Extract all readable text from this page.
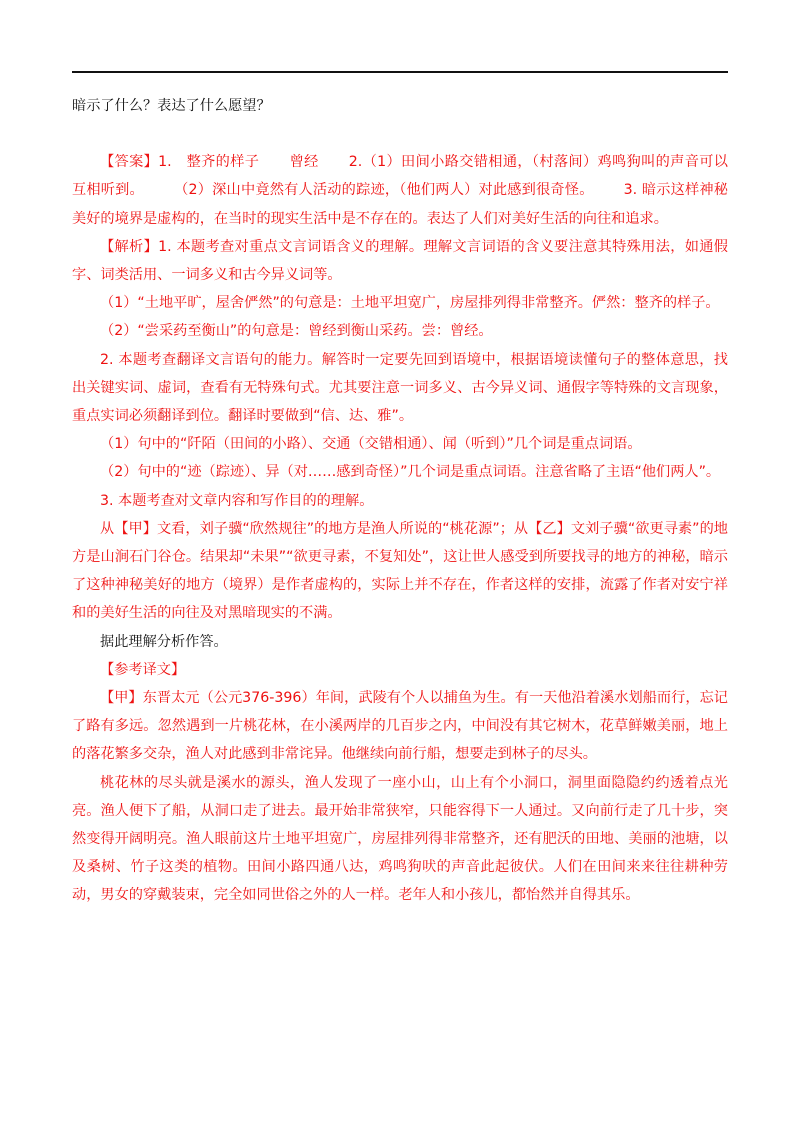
暗示了什么？表达了什么愿望？

【答案】1.　整齐的样子 曾经 2.（1）田间小路交错相通，（村落间）鸡鸣狗叫的声音可以互相听到。 （2）深山中竟然有人活动的踪迹，（他们两人）对此感到很奇怪。 3. 暗示这样神秘美好的境界是虚构的，在当时的现实生活中是不存在的。表达了人们对美好生活的向往和追求。

【解析】1. 本题考查对重点文言词语含义的理解。理解文言词语的含义要注意其特殊用法，如通假字、词类活用、一词多义和古今异义词等。

（1）“土地平旷，屋舍俨然”的句意是：土地平坦宽广，房屋排列得非常整齐。俨然：整齐的样子。

（2）“尝采药至衡山”的句意是：曾经到衡山采药。尝：曾经。

2. 本题考查翻译文言语句的能力。解答时一定要先回到语境中，根据语境读懂句子的整体意思，找出关键实词、虚词，查看有无特殊句式。尤其要注意一词多义、古今异义词、通假字等特殊的文言现象，重点实词必须翻译到位。翻译时要做到“信、达、雅”。

（1）句中的“阡陌（田间的小路）、交通（交错相通）、闻（听到）”几个词是重点词语。

（2）句中的“迹（踪迹）、异（对……感到奇怪）”几个词是重点词语。注意省略了主语“他们两人”。

3. 本题考查对文章内容和写作目的的理解。

从【甲】文看，刘子骥“欣然规往”的地方是渔人所说的“桃花源”；从【乙】文刘子骥“欲更寻素”的地方是山涧石门谷仓。结果却“未果”“欲更寻素，不复知处”，这让世人感受到所要找寻的地方的神秘，暗示了这种神秘美好的地方（境界）是作者虚构的，实际上并不存在，作者这样的安排，流露了作者对安宁祥和的美好生活的向往及对黑暗现实的不满。

据此理解分析作答。

【参考译文】

【甲】东晋太元（公元376-396）年间，武陵有个人以捕鱼为生。有一天他沿着溪水划船而行，忘记了路有多远。忽然遇到一片桃花林，在小溪两岸的几百步之内，中间没有其它树木，花草鲜嫩美丽，地上的落花繁多交杂，渔人对此感到非常诧异。他继续向前行船，想要走到林子的尽头。

桃花林的尽头就是溪水的源头，渔人发现了一座小山，山上有个小洞口，洞里面隐隐约约透着点光亮。渔人便下了船，从洞口走了进去。最开始非常狭窄，只能容得下一人通过。又向前行走了几十步，突然变得开阔明亮。渔人眼前这片土地平坦宽广，房屋排列得非常整齐，还有肥沃的田地、美丽的池塘，以及桑树、竹子这类的植物。田间小路四通八达，鸡鸣狗吠的声音此起彼伏。人们在田间来来往往耕种劳动，男女的穿戴装束，完全如同世俗之外的人一样。老年人和小孩儿，都怡然并自得其乐。
